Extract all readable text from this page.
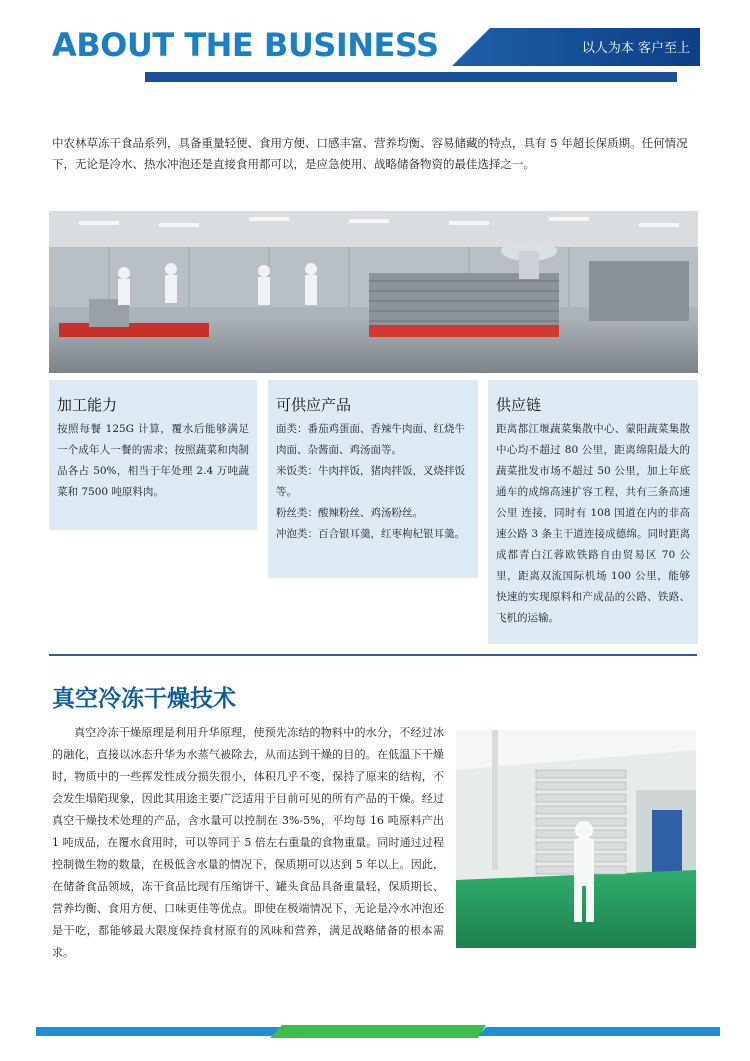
ABOUT THE BUSINESS	以人为本 客户至上

中农林草冻干食品系列，具备重量轻便、食用方便、口感丰富、营养均衡、容易储藏的特点，具有 5 年超长保质期。任何情况下，无论是冷水、热水冲泡还是直接食用都可以，是应急使用、战略储备物资的最佳选择之一。

加工能力
按照每餐 125G 计算，覆水后能够满足一个成年人一餐的需求；按照蔬菜和肉制品各占 50%，相当于年处理 2.4 万吨蔬菜和 7500 吨原料肉。
可供应产品
面类：番茄鸡蛋面、香辣牛肉面、红烧牛肉面、杂酱面、鸡汤面等。
米饭类：牛肉拌饭，猪肉拌饭，叉烧拌饭等。
粉丝类：酸辣粉丝、鸡汤粉丝。
冲泡类：百合银耳羹，红枣枸杞银耳羹。
供应链
距离都江堰蔬菜集散中心、蒙阳蔬菜集散中心均不超过 80 公里，距离绵阳最大的蔬菜批发市场不超过 50 公里，加上年底通车的成绵高速扩容工程，共有三条高速公里 连接，同时有 108 国道在内的非高速公路 3 条主干道连接成德绵。同时距离成都青白江蓉欧铁路自由贸易区 70 公里，距离双流国际机场 100 公里，能够快速的实现原料和产成品的公路、铁路、飞机的运输。
真空冷冻干燥技术

真空冷冻干燥原理是利用升华原理，使预先冻结的物料中的水分，不经过冰的融化，直接以冰态升华为水蒸气被除去，从而达到干燥的目的。在低温下干燥时，物质中的一些挥发性成分损失很小，体积几乎不变，保持了原来的结构，不会发生塌陷现象，因此其用途主要广泛适用于目前可见的所有产品的干燥。经过真空干燥技术处理的产品，含水量可以控制在 3%-5%，平均每 16 吨原料产出 1 吨成品，在覆水食用时，可以等同于 5 倍左右重量的食物重量。同时通过过程控制微生物的数量，在极低含水量的情况下，保质期可以达到 5 年以上。因此，在储备食品领域，冻干食品比现有压缩饼干、罐头食品具备重量轻，保质期长、营养均衡、食用方便、口味更佳等优点。即使在极端情况下，无论是冷水冲泡还是干吃，都能够最大限度保持食材原有的风味和营养，满足战略储备的根本需求。
